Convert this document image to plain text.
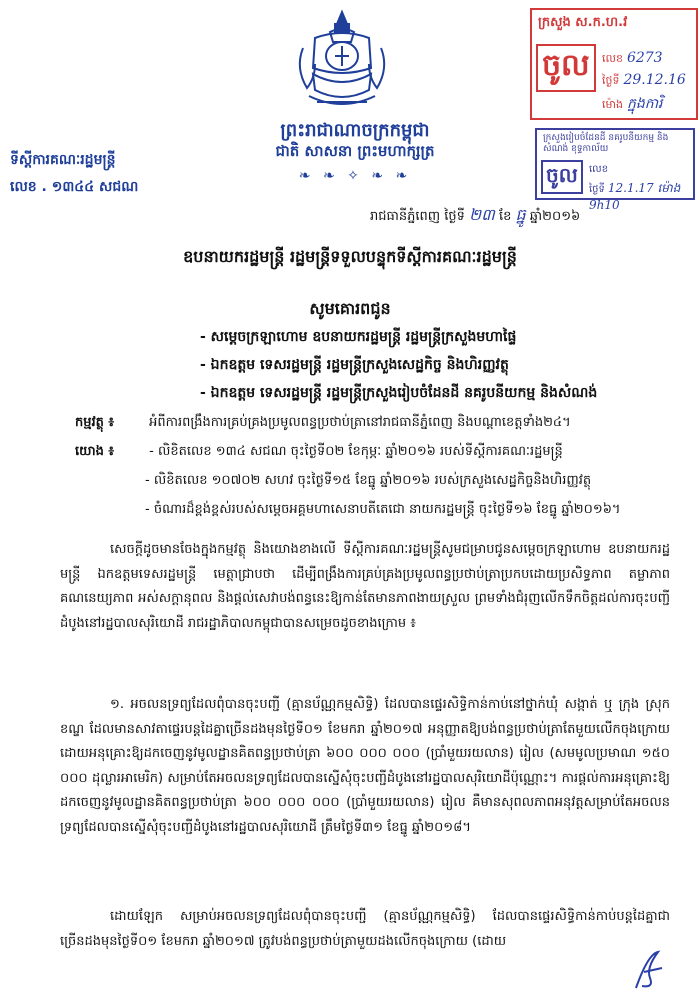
ព្រះរាជាណាចក្រកម្ពុជា
ជាតិ សាសនា ព្រះមហាក្សត្រ
❧ ❧ ✧ ❧ ❧
ទីស្តីការគណៈរដ្ឋមន្ត្រី
លេខ . ១៣៤៤ សជណ
ក្រសួង ស.ក.ហ.វ
ចូល	លេខ 6273
ថ្ងៃទី 29.12.16
ម៉ោង ក្នុងការិ
ក្រសួងរៀបចំដែនដី នគរូបនីយកម្ម និងសំណង់ ខុទ្ទកាល័យ
ចូល	លេខ
ថ្ងៃទី 12.1.17 ម៉ោង 9h10
រាជធានីភ្នំពេញ ថ្ងៃទី ២៣ ខែ ធ្នូ ឆ្នាំ២០១៦
ឧបនាយករដ្ឋមន្ត្រី រដ្ឋមន្ត្រីទទួលបន្ទុកទីស្តីការគណៈរដ្ឋមន្ត្រី
សូមគោរពជូន
- សម្តេចក្រឡាហោម ឧបនាយករដ្ឋមន្ត្រី រដ្ឋមន្ត្រីក្រសួងមហាផ្ទៃ
- ឯកឧត្តម ទេសរដ្ឋមន្ត្រី រដ្ឋមន្ត្រីក្រសួងសេដ្ឋកិច្ច និងហិរញ្ញវត្ថុ
- ឯកឧត្តម ទេសរដ្ឋមន្ត្រី រដ្ឋមន្ត្រីក្រសួងរៀបចំដែនដី នគរូបនីយកម្ម និងសំណង់
កម្មវត្ថុ ៖	អំពីការពង្រឹងការគ្រប់គ្រងប្រមូលពន្ធប្រថាប់ត្រានៅរាជធានីភ្នំពេញ និងបណ្តាខេត្តទាំង២៤។
យោង ៖	- លិខិតលេខ ១៣៤ សជណ ចុះថ្ងៃទី០២ ខែកុម្ភៈ ឆ្នាំ២០១៦ របស់ទីស្តីការគណៈរដ្ឋមន្ត្រី
- លិខិតលេខ ១០៧០២ សហវ ចុះថ្ងៃទី១៥ ខែធ្នូ ឆ្នាំ២០១៦ របស់ក្រសួងសេដ្ឋកិច្ចនិងហិរញ្ញវត្ថុ
- ចំណារដ៏ខ្ពង់ខ្ពស់របស់សម្តេចអគ្គមហាសេនាបតីតេជោ នាយករដ្ឋមន្ត្រី ចុះថ្ងៃទី១៦ ខែធ្នូ ឆ្នាំ២០១៦។

សេចក្តីដូចមានចែងក្នុងកម្មវត្ថុ និងយោងខាងលើ ទីស្តីការគណៈរដ្ឋមន្ត្រីសូមជម្រាបជូនសម្តេចក្រឡាហោម ឧបនាយករដ្ឋមន្ត្រី ឯកឧត្តមទេសរដ្ឋមន្ត្រី មេត្តាជ្រាបថា ដើម្បីពង្រឹងការគ្រប់គ្រងប្រមូលពន្ធប្រថាប់ត្រាប្រកបដោយប្រសិទ្ធភាព តម្លាភាព គណនេយ្យភាព អស់សក្តានុពល និងផ្តល់សេវាបង់ពន្ធនេះឱ្យកាន់តែមានភាពងាយស្រួល ព្រមទាំងជំរុញលើកទឹកចិត្តដល់ការចុះបញ្ជីដំបូងនៅរដ្ឋបាលសុរិយោដី រាជរដ្ឋាភិបាលកម្ពុជាបានសម្រេចដូចខាងក្រោម ៖

១. អចលនទ្រព្យដែលពុំបានចុះបញ្ជី (គ្មានប័ណ្ណកម្មសិទ្ធិ) ដែលបានផ្ទេរសិទ្ធិកាន់កាប់នៅថ្នាក់ឃុំ សង្កាត់ ឬ ក្រុង ស្រុក ខណ្ឌ ដែលមានសាវតាផ្ទេរបន្តដៃគ្នាច្រើនដងមុនថ្ងៃទី០១ ខែមករា ឆ្នាំ២០១៧ អនុញ្ញាតឱ្យបង់ពន្ធប្រថាប់ត្រាតែមួយលើកចុងក្រោយ ដោយអនុគ្រោះឱ្យដកចេញនូវមូលដ្ឋានគិតពន្ធប្រថាប់ត្រា ៦០០ ០០០ ០០០ (ប្រាំមួយរយលាន) រៀល (សមមូលប្រមាណ ១៥០ ០០០ ដុល្លារអាមេរិក) សម្រាប់តែអចលនទ្រព្យដែលបានស្នើសុំចុះបញ្ជីដំបូងនៅរដ្ឋបាលសុរិយោដីប៉ុណ្ណោះ។ ការផ្តល់ការអនុគ្រោះឱ្យដកចេញនូវមូលដ្ឋានគិតពន្ធប្រថាប់ត្រា ៦០០ ០០០ ០០០ (ប្រាំមួយរយលាន) រៀល គឺមានសុពលភាពអនុវត្តសម្រាប់តែអចលនទ្រព្យដែលបានស្នើសុំចុះបញ្ជីដំបូងនៅរដ្ឋបាលសុរិយោដី ត្រឹមថ្ងៃទី៣១ ខែធ្នូ ឆ្នាំ២០១៨។

ដោយឡែក សម្រាប់អចលនទ្រព្យដែលពុំបានចុះបញ្ជី (គ្មានប័ណ្ណកម្មសិទ្ធិ) ដែលបានផ្ទេរសិទ្ធិកាន់កាប់បន្តដៃគ្នាជាច្រើនដងមុនថ្ងៃទី០១ ខែមករា ឆ្នាំ២០១៧ ត្រូវបង់ពន្ធប្រថាប់ត្រាមួយដងលើកចុងក្រោយ (ដោយ
